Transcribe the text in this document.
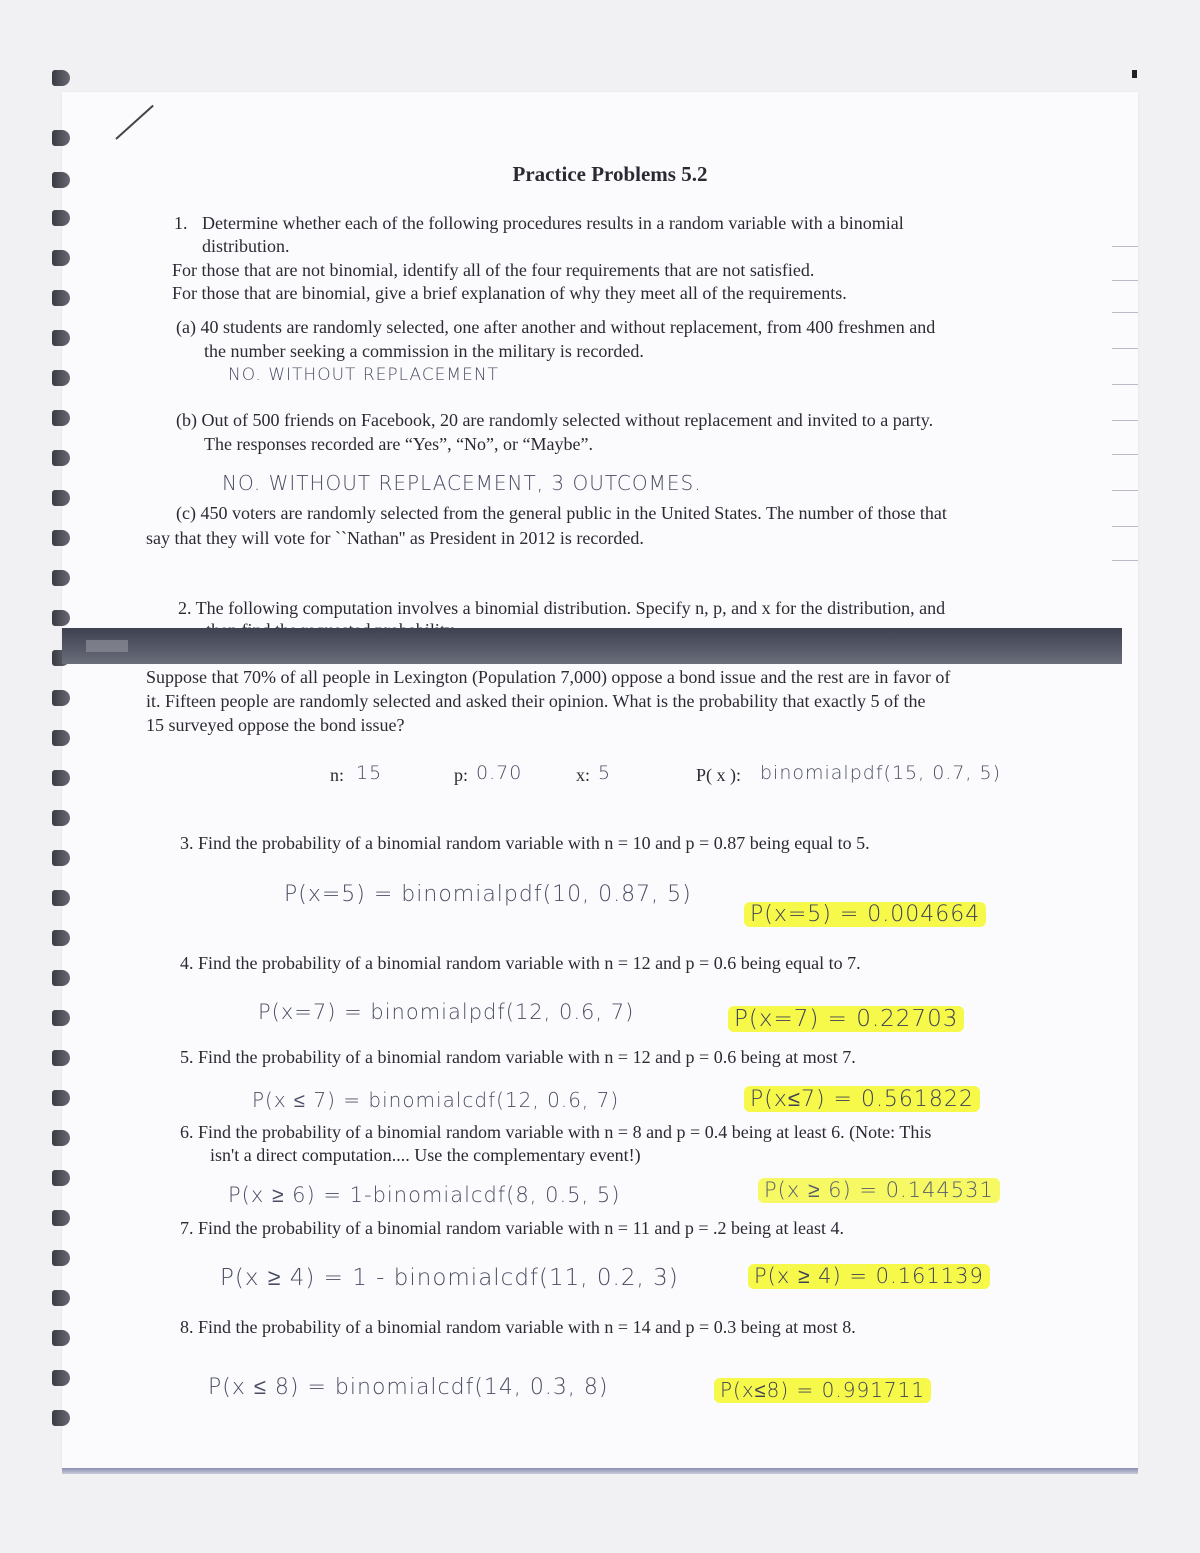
Practice Problems 5.2
1. Determine whether each of the following procedures results in a random variable with a binomial
distribution.
For those that are not binomial, identify all of the four requirements that are not satisfied.
For those that are binomial, give a brief explanation of why they meet all of the requirements.
(a) 40 students are randomly selected, one after another and without replacement, from 400 freshmen and
the number seeking a commission in the military is recorded.
NO. WITHOUT REPLACEMENT
(b) Out of 500 friends on Facebook, 20 are randomly selected without replacement and invited to a party.
The responses recorded are “Yes”, “No”, or “Maybe”.
NO. WITHOUT REPLACEMENT, 3 OUTCOMES.
(c) 450 voters are randomly selected from the general public in the United States. The number of those that
say that they will vote for ``Nathan'' as President in 2012 is recorded.
2. The following computation involves a binomial distribution. Specify n, p, and x for the distribution, and
Suppose that 70% of all people in Lexington (Population 7,000) oppose a bond issue and the rest are in favor of
it. Fifteen people are randomly selected and asked their opinion. What is the probability that exactly 5 of the
15 surveyed oppose the bond issue?
n: 15	p: 0.70	x: 5	P( x ): binomialpdf(15, 0.7, 5)
3. Find the probability of a binomial random variable with n = 10 and p = 0.87 being equal to 5.
P(x=5) = binomialpdf(10, 0.87, 5)
P(x=5) = 0.004664
4. Find the probability of a binomial random variable with n = 12 and p = 0.6 being equal to 7.
P(x=7) = binomialpdf(12, 0.6, 7)	P(x=7) = 0.22703
5. Find the probability of a binomial random variable with n = 12 and p = 0.6 being at most 7.
P(x ≤ 7) = binomialcdf(12, 0.6, 7)	P(x≤7) = 0.561822
6. Find the probability of a binomial random variable with n = 8 and p = 0.4 being at least 6. (Note: This
isn't a direct computation.... Use the complementary event!)
P(x ≥ 6) = 1-binomialcdf(8, 0.5, 5)	P(x ≥ 6) = 0.144531
7. Find the probability of a binomial random variable with n = 11 and p = .2 being at least 4.
P(x ≥ 4) = 1 - binomialcdf(11, 0.2, 3)	P(x ≥ 4) = 0.161139
8. Find the probability of a binomial random variable with n = 14 and p = 0.3 being at most 8.
P(x ≤ 8) = binomialcdf(14, 0.3, 8)	P(x≤8) = 0.991711
